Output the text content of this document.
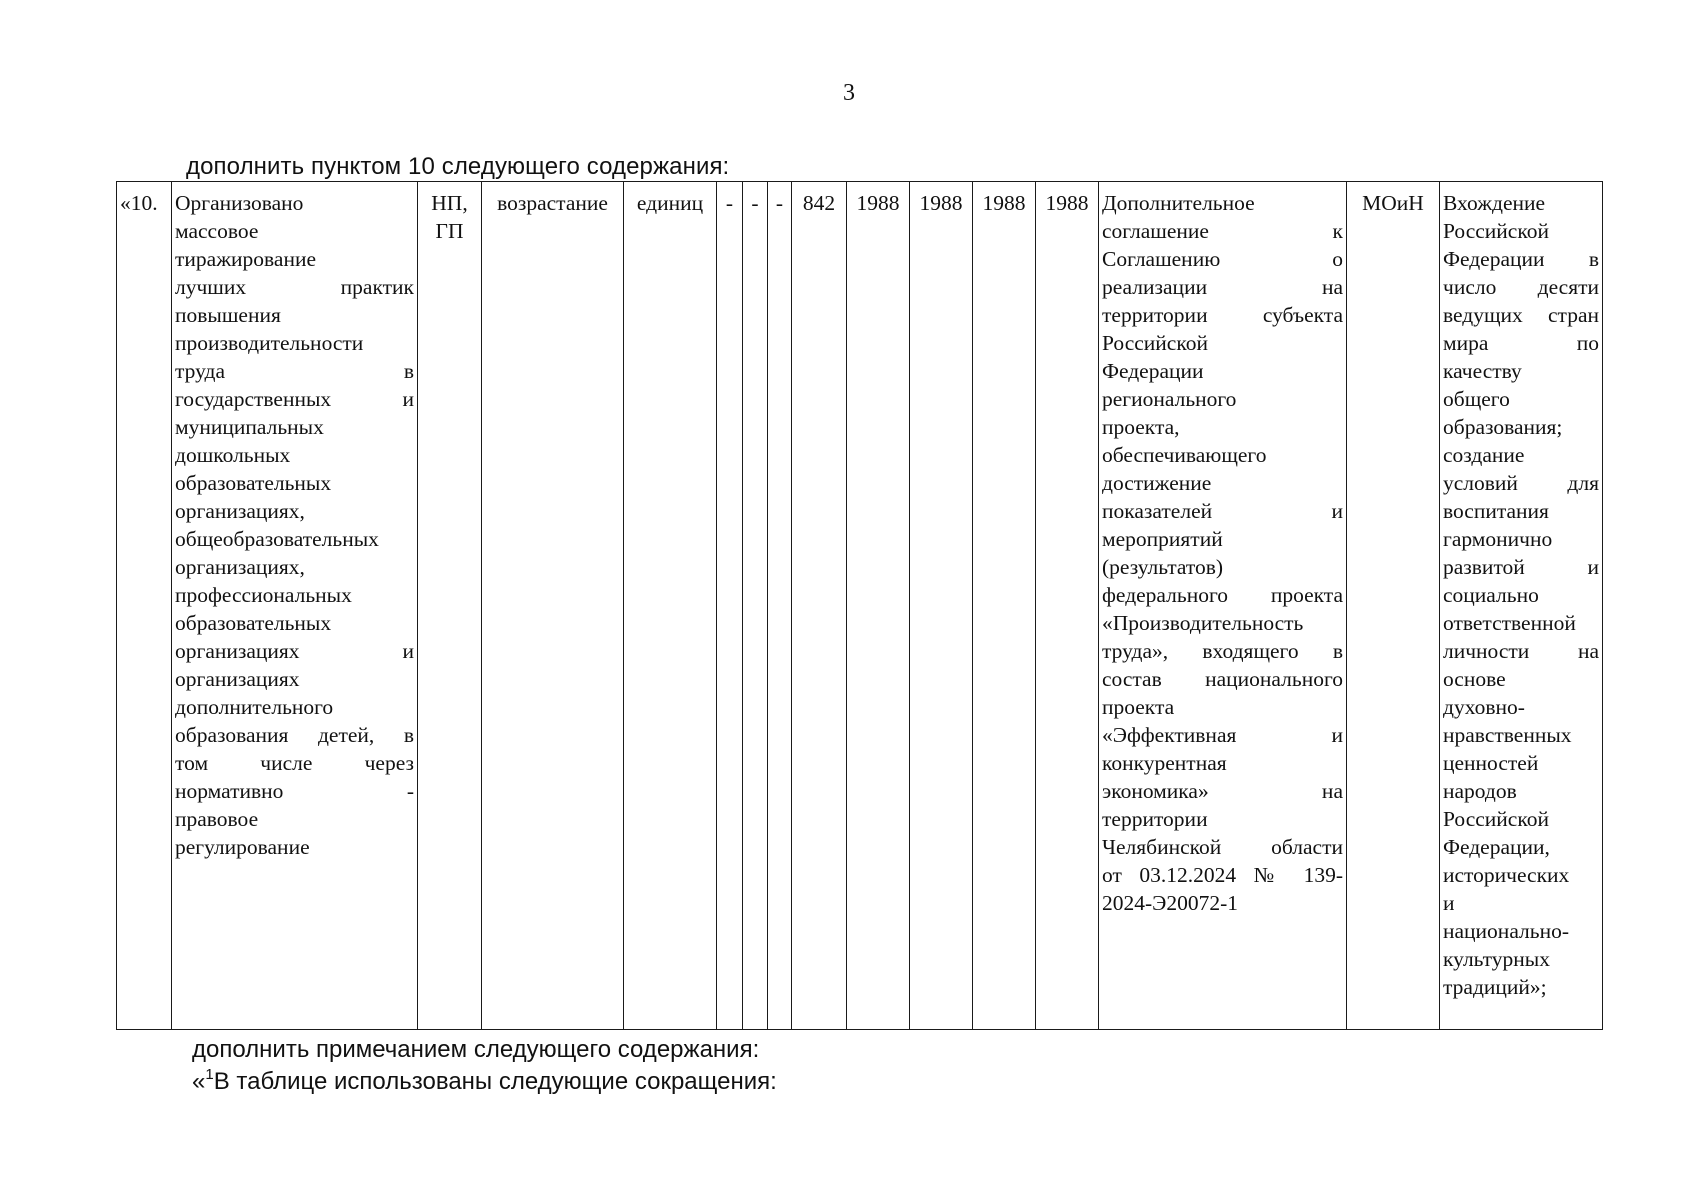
3
дополнить пунктом 10 следующего содержания:
«10.	Организовано
массовое
тиражирование
лучших практик
повышения
производительности
труда в
государственных и
муниципальных
дошкольных
образовательных
организациях,
общеобразовательных
организациях,
профессиональных
образовательных
организациях и
организациях
дополнительного
образования детей, в
том числе через
нормативно -
правовое
регулирование
	НП, ГП	возрастание	единиц	-	-	-	842	1988	1988	1988	1988	Дополнительное
соглашение к
Соглашению о
реализации на
территории субъекта
Российской
Федерации
регионального
проекта,
обеспечивающего
достижение
показателей и
мероприятий
(результатов)
федерального проекта
«Производительность
труда», входящего в
состав национального
проекта
«Эффективная и
конкурентная
экономика» на
территории
Челябинской области
от 03.12.2024 № 139-
2024-Э20072-1
	МОиН	Вхождение
Российской
Федерации в
число десяти
ведущих стран
мира по
качеству
общего
образования;
создание
условий для
воспитания
гармонично
развитой и
социально
ответственной
личности на
основе
духовно-
нравственных
ценностей
народов
Российской
Федерации,
исторических
и
национально-
культурных
традиций»;
дополнить примечанием следующего содержания:
«$^1$В таблице использованы следующие сокращения:
